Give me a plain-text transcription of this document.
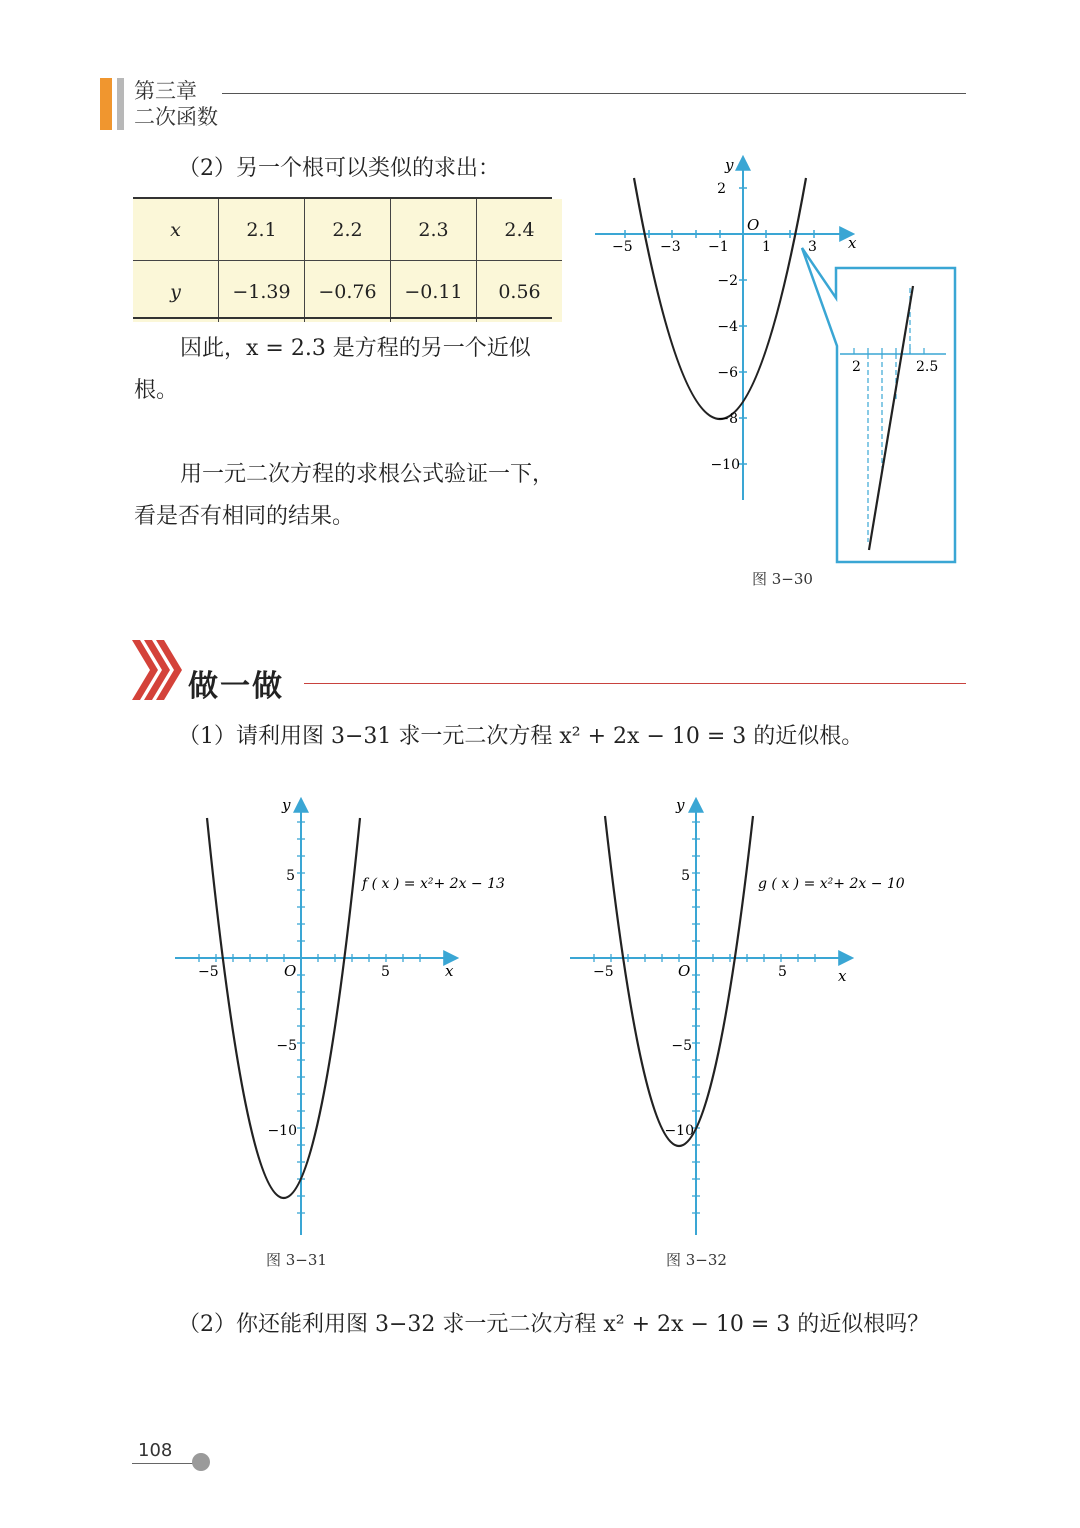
第三章
二次函数
（2）另一个根可以类似的求出：
x	2.1	2.2	2.3	2.4
y	−1.39	−0.76	−0.11	0.56
因此，x = 2.3 是方程的另一个近似根。
用一元二次方程的求根公式验证一下，看是否有相同的结果。
x
y
O
−5 −3 −1 1	3
2
−2
−4
−6
−8
−10
2	2.5
图 3−30
做一做
（1）请利用图 3−31 求一元二次方程 x² + 2x − 10 = 3 的近似根。
x
y
O
−5	5
5
−5
−10
f ( x ) = x²+ 2x − 13
图 3−31
x
y
O
−5	5
5
−5
−10
g ( x ) = x²+ 2x − 10
图 3−32
（2）你还能利用图 3−32 求一元二次方程 x² + 2x − 10 = 3 的近似根吗？
108
